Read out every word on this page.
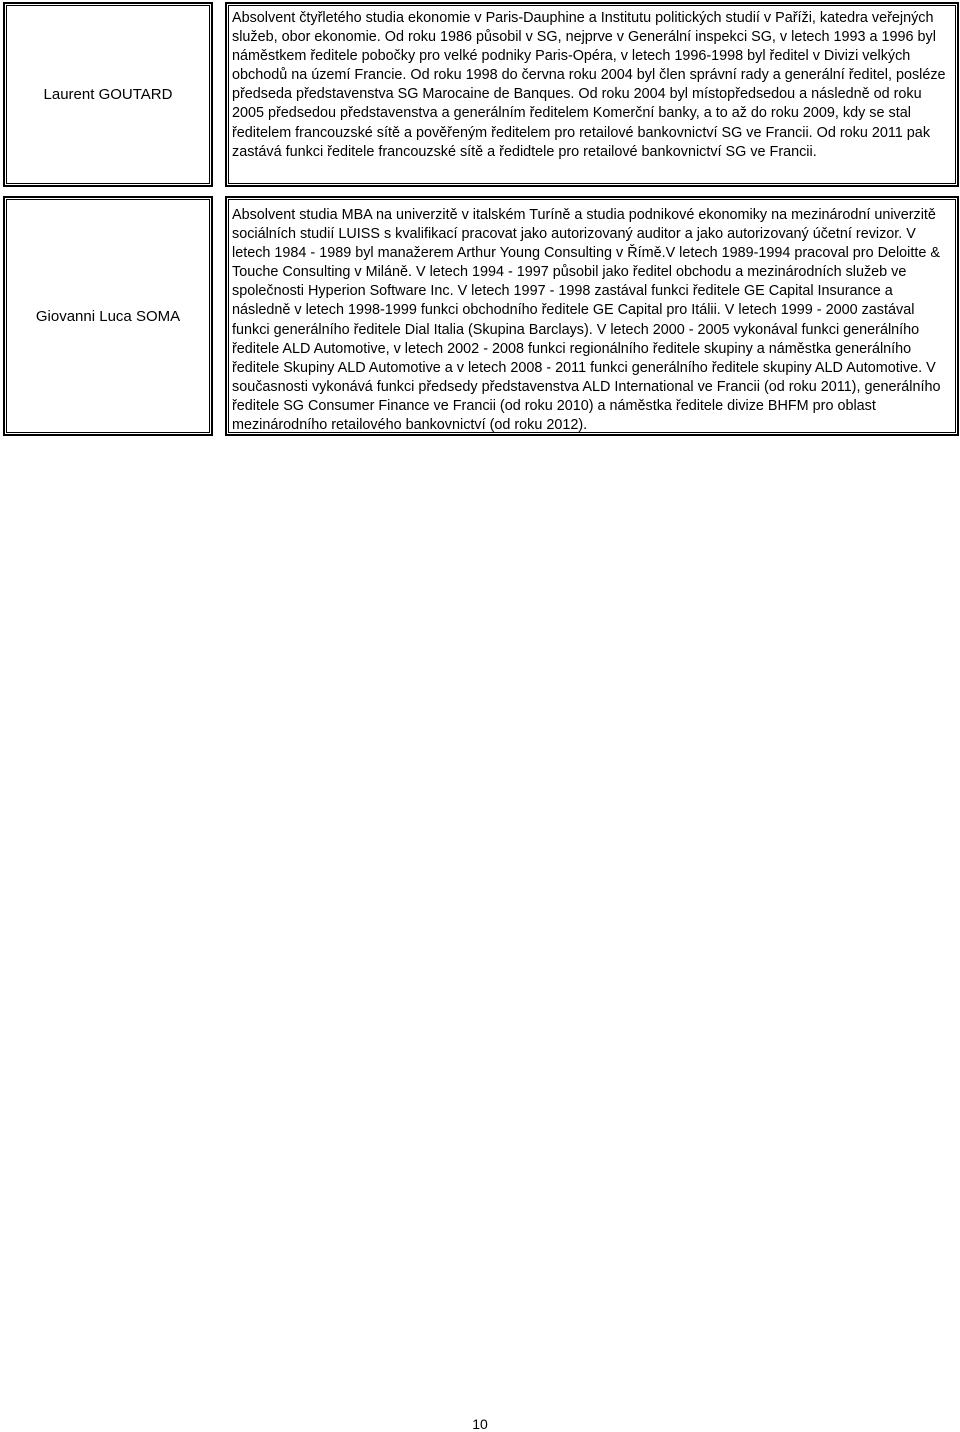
Laurent GOUTARD

Absolvent čtyřletého studia ekonomie v Paris-Dauphine a Institutu politických studií v Paříži, katedra veřejných služeb, obor ekonomie. Od roku 1986 působil v SG, nejprve v Generální inspekci SG, v letech 1993 a 1996 byl náměstkem ředitele pobočky pro velké podniky Paris-Opéra, v letech 1996-1998 byl ředitel v Divizi velkých obchodů na území Francie. Od roku 1998 do června roku 2004 byl člen správní rady a generální ředitel, posléze předseda představenstva SG Marocaine de Banques. Od roku 2004 byl místopředsedou a následně od roku 2005 předsedou představenstva a generálním ředitelem Komerční banky, a to až do roku 2009, kdy se stal ředitelem francouzské sítě a pověřeným ředitelem pro retailové bankovnictví SG ve Francii. Od roku 2011 pak zastává funkci ředitele francouzské sítě a ředidtele pro retailové bankovnictví SG ve Francii.

Giovanni Luca SOMA

Absolvent studia MBA na univerzitě v italském Turíně a studia podnikové ekonomiky na mezinárodní univerzitě sociálních studií LUISS s kvalifikací pracovat jako autorizovaný auditor a jako autorizovaný účetní revizor. V letech 1984 - 1989 byl manažerem Arthur Young Consulting v Římě.V letech 1989-1994 pracoval pro Deloitte & Touche Consulting v Miláně. V letech 1994 - 1997 působil jako ředitel obchodu a mezinárodních služeb ve společnosti Hyperion Software Inc. V letech 1997 - 1998 zastával funkci ředitele GE Capital Insurance a následně v letech 1998-1999 funkci obchodního ředitele GE Capital pro Itálii. V letech 1999 - 2000 zastával funkci generálního ředitele Dial Italia (Skupina Barclays). V letech 2000 - 2005 vykonával funkci generálního ředitele ALD Automotive, v letech 2002 - 2008 funkci regionálního ředitele skupiny a náměstka generálního ředitele Skupiny ALD Automotive a v letech 2008 - 2011 funkci generálního ředitele skupiny ALD Automotive. V současnosti vykonává funkci předsedy představenstva ALD International ve Francii (od roku 2011), generálního ředitele SG Consumer Finance ve Francii (od roku 2010) a náměstka ředitele divize BHFM pro oblast mezinárodního retailového bankovnictví (od roku 2012).

10
